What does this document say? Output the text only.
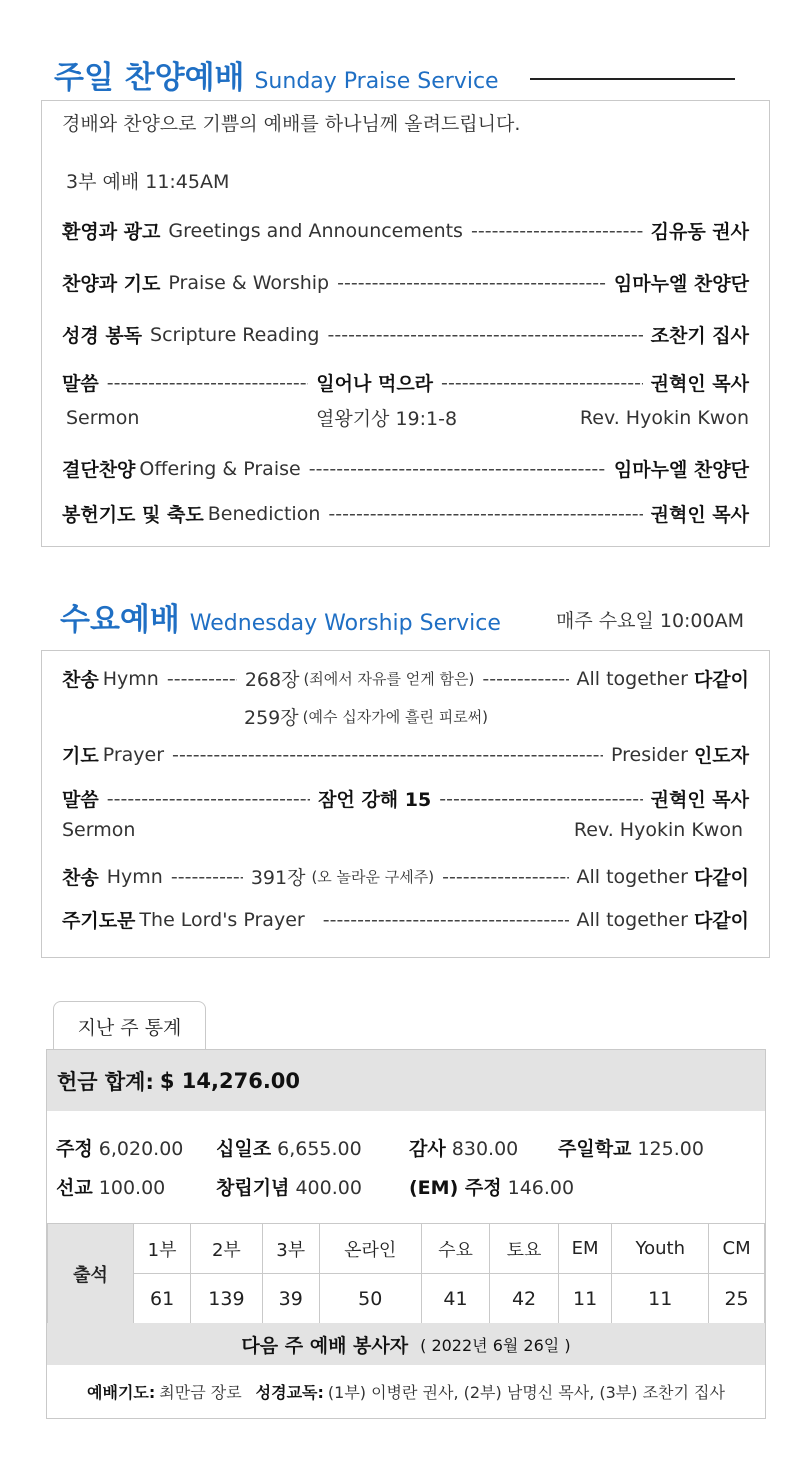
주일 찬양예배 Sunday Praise Service
경배와 찬양으로 기쁨의 예배를 하나님께 올려드립니다.
3부 예배 11:45AM
환영과 광고 Greetings and Announcements - - -	김유동 권사
찬양과 기도 Praise & Worship - - -	임마누엘 찬양단
성경 봉독 Scripture Reading - - -	조찬기 집사
말씀 - - -	일어나 먹으라 - - -	권혁인 목사
Sermon	열왕기상 19:1-8	Rev. Hyokin Kwon
결단찬양 Offering & Praise - - -	임마누엘 찬양단
봉헌기도 및 축도 Benediction - - -	권혁인 목사
수요예배 Wednesday Worship Service	매주 수요일 10:00AM
찬송 Hymn - - -	268장 (죄에서 자유를 얻게 함은) - - -	All together 다같이
259장 (예수 십자가에 흘린 피로써)
기도 Prayer - - -	Presider 인도자
말씀 - - -	잠언 강해 15 - - -	권혁인 목사
Sermon	Rev. Hyokin Kwon
찬송 Hymn - - -	391장 (오 놀라운 구세주) - - -	All together 다같이
주기도문 The Lord's Prayer - - -	All together 다같이
지난 주 통계
헌금 합계: $ 14,276.00
주정 6,020.00 십일조 6,655.00 감사 830.00 주일학교 125.00
선교 100.00	창립기념 400.00 (EM) 주정 146.00
출석	1부	2부	3부	온라인	수요	토요	EM	Youth	CM
	61	139	39	50	41	42	11	11	25
다음 주 예배 봉사자 ( 2022년 6월 26일 )
예배기도: 최만금 장로 성경교독: (1부) 이병란 권사, (2부) 남명신 목사, (3부) 조찬기 집사
